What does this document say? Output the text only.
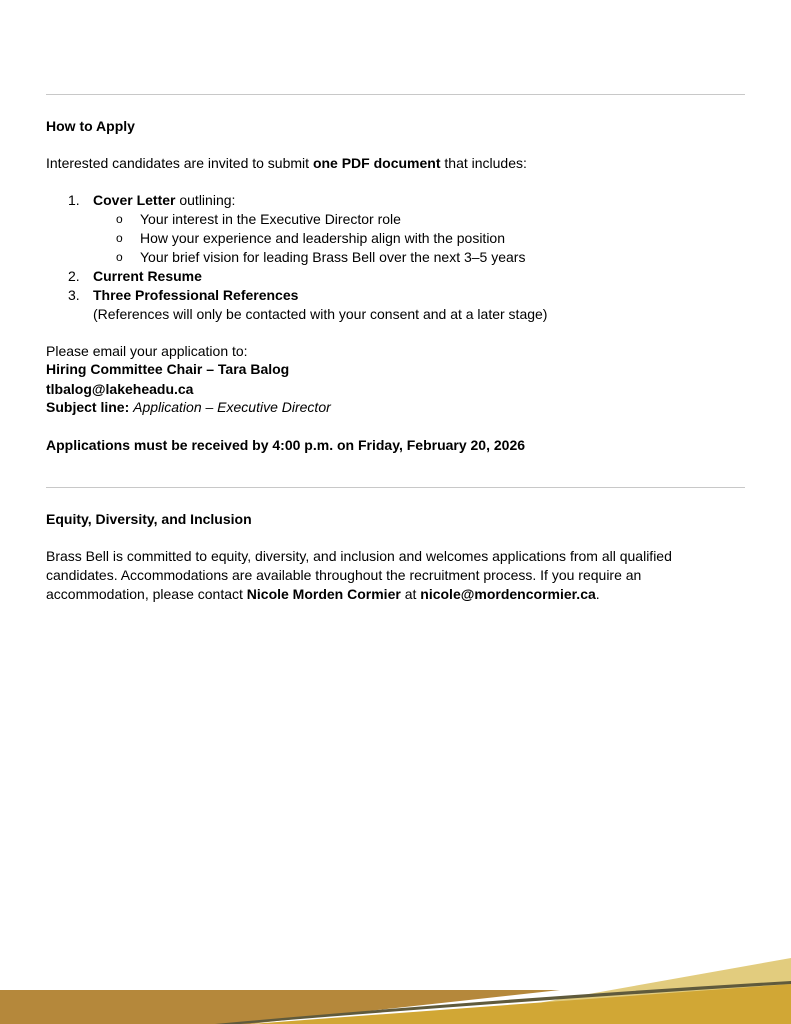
How to Apply
Interested candidates are invited to submit one PDF document that includes:
1. Cover Letter outlining:
o Your interest in the Executive Director role
o How your experience and leadership align with the position
o Your brief vision for leading Brass Bell over the next 3–5 years
2. Current Resume
3. Three Professional References
(References will only be contacted with your consent and at a later stage)
Please email your application to:
Hiring Committee Chair – Tara Balog
tlbalog@lakeheadu.ca
Subject line: Application – Executive Director
Applications must be received by 4:00 p.m. on Friday, February 20, 2026
Equity, Diversity, and Inclusion
Brass Bell is committed to equity, diversity, and inclusion and welcomes applications from all qualified
candidates. Accommodations are available throughout the recruitment process. If you require an
accommodation, please contact Nicole Morden Cormier at nicole@mordencormier.ca.
